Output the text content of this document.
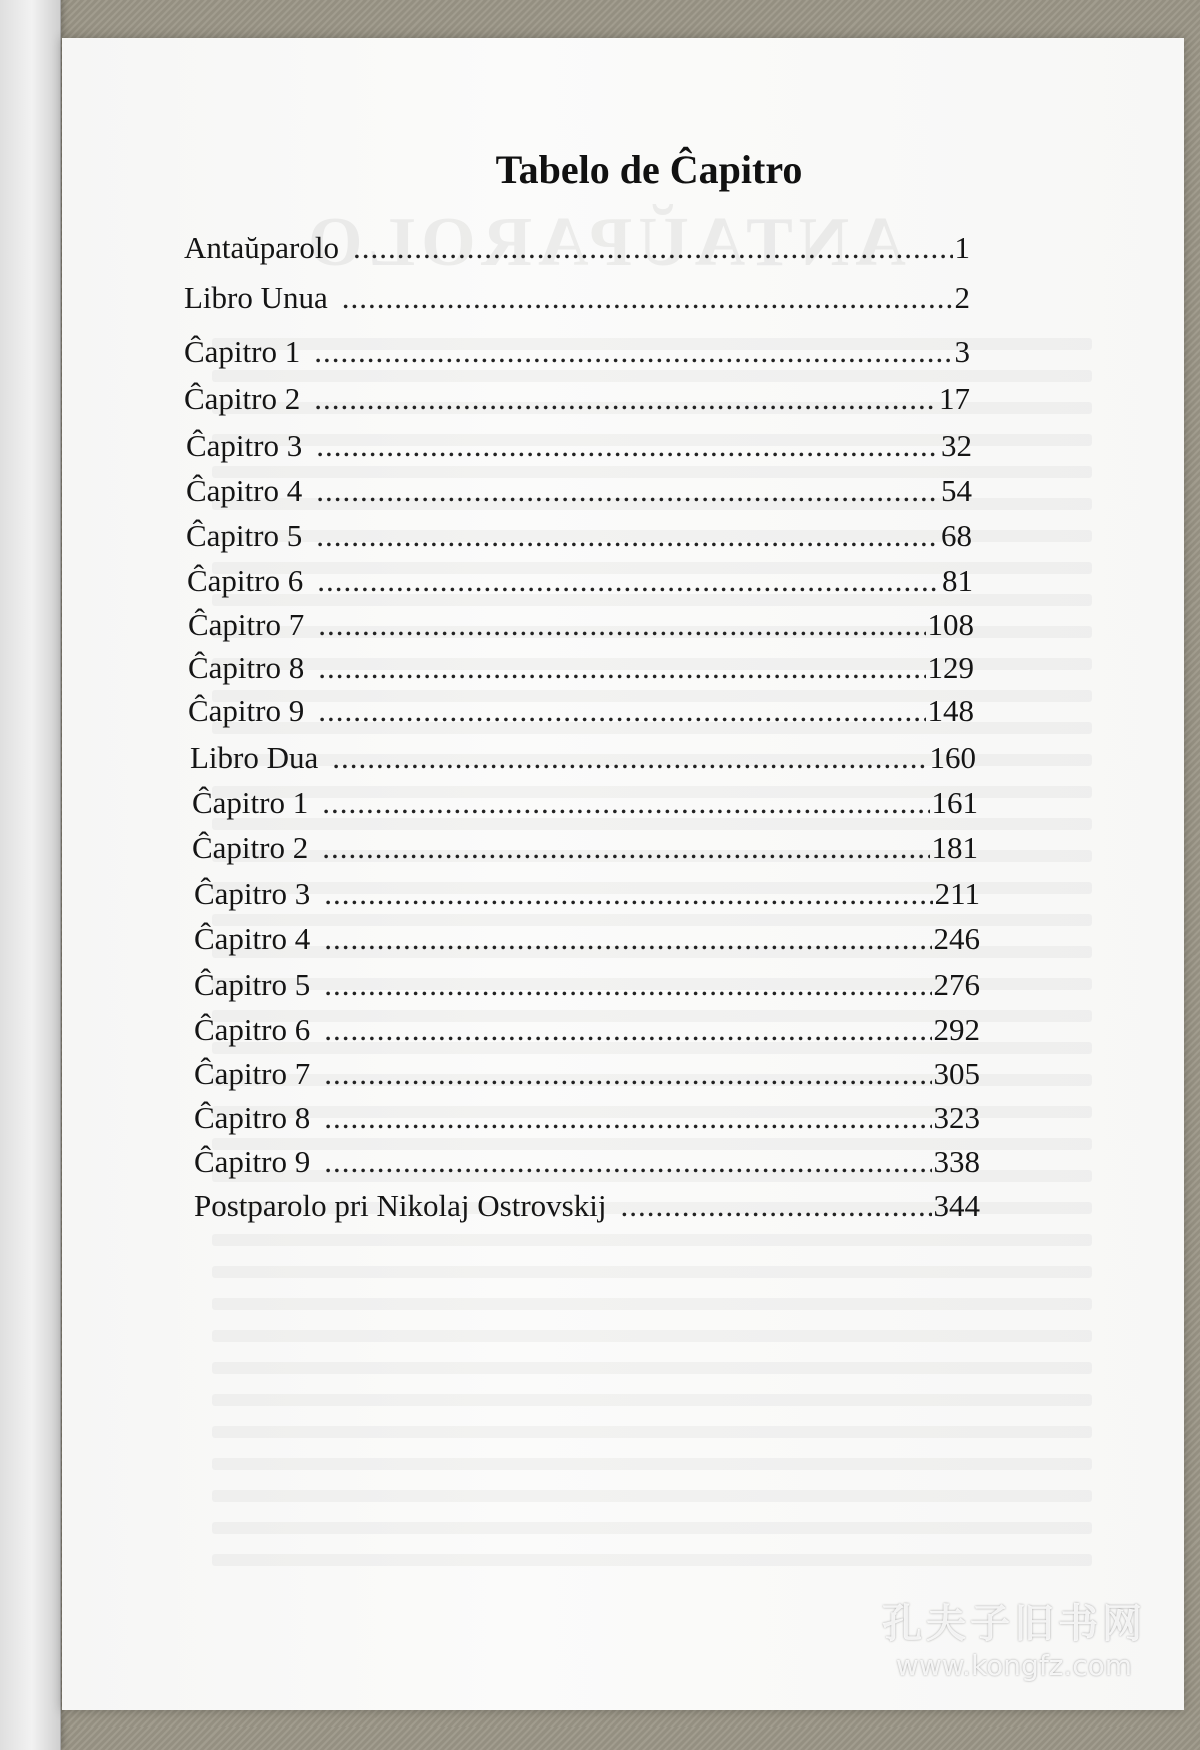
ANTAŬPAROLO
Tabelo de Ĉapitro
Antaŭparolo .....	1
Libro Unua .....	2
Ĉapitro 1 .....	3
Ĉapitro 2 .....	17
Ĉapitro 3 .....	32
Ĉapitro 4 .....	54
Ĉapitro 5 .....	68
Ĉapitro 6 .....	81
Ĉapitro 7 .....	108
Ĉapitro 8 .....	129
Ĉapitro 9 .....	148
Libro Dua .....	160
Ĉapitro 1 .....	161
Ĉapitro 2 .....	181
Ĉapitro 3 .....	211
Ĉapitro 4 .....	246
Ĉapitro 5 .....	276
Ĉapitro 6 .....	292
Ĉapitro 7 .....	305
Ĉapitro 8 .....	323
Ĉapitro 9 .....	338
Postparolo pri Nikolaj Ostrovskij .....	344
孔夫子旧书网
www.kongfz.com
